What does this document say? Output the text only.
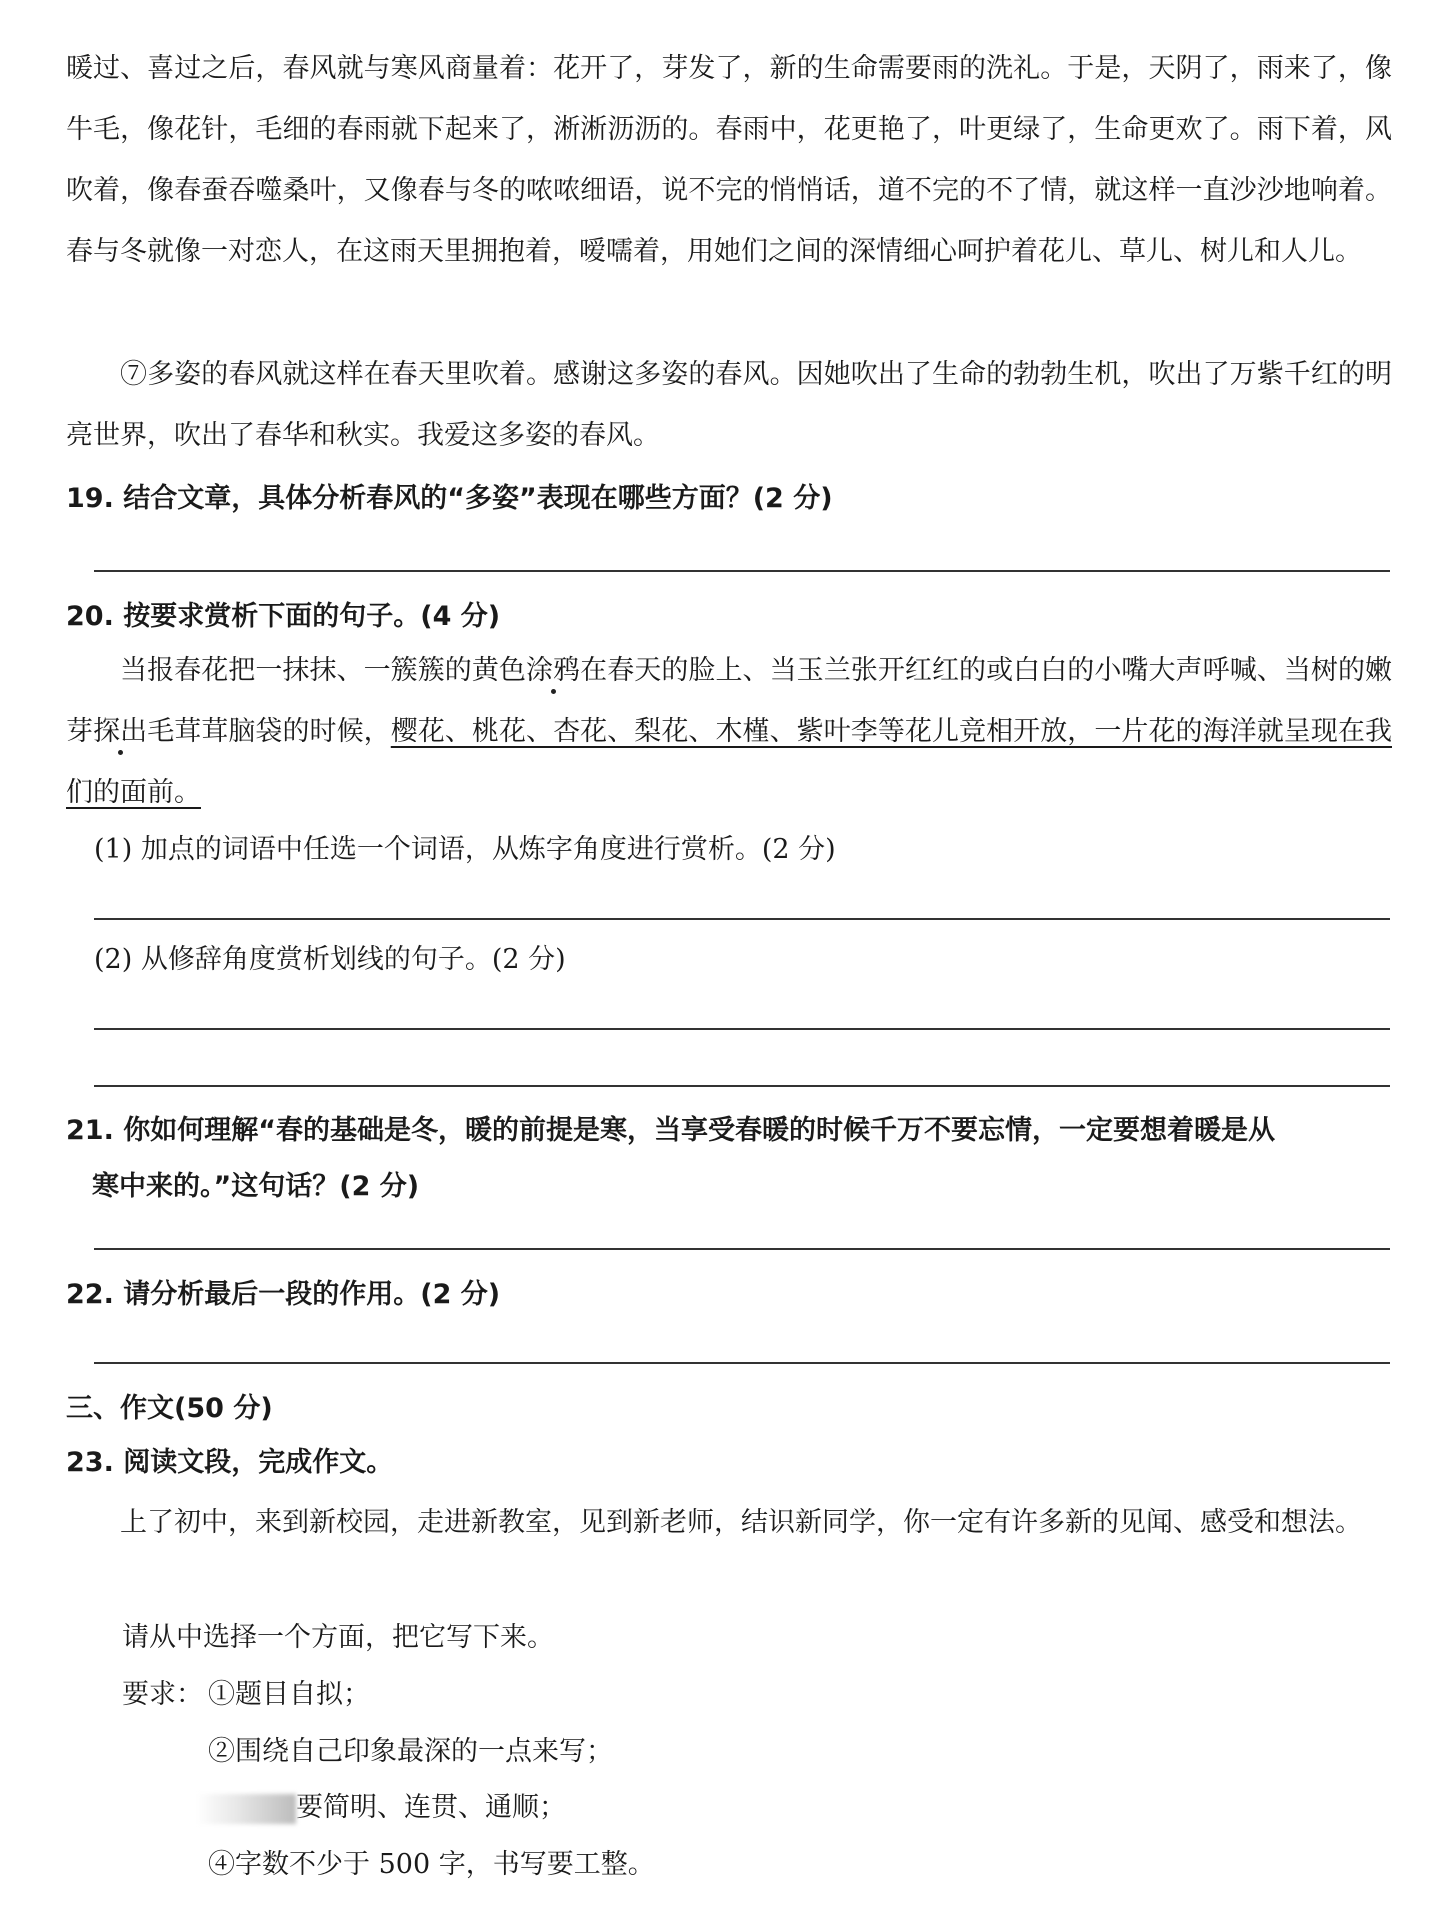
暖过、喜过之后，春风就与寒风商量着：花开了，芽发了，新的生命需要雨的洗礼。于是，天阴了，雨来了，像牛毛，像花针，毛细的春雨就下起来了，淅淅沥沥的。春雨中，花更艳了，叶更绿了，生命更欢了。雨下着，风吹着，像春蚕吞噬桑叶，又像春与冬的哝哝细语，说不完的悄悄话，道不完的不了情，就这样一直沙沙地响着。春与冬就像一对恋人，在这雨天里拥抱着，嗳嚅着，用她们之间的深情细心呵护着花儿、草儿、树儿和人儿。

⑦多姿的春风就这样在春天里吹着。感谢这多姿的春风。因她吹出了生命的勃勃生机，吹出了万紫千红的明亮世界，吹出了春华和秋实。我爱这多姿的春风。

19. 结合文章，具体分析春风的“多姿”表现在哪些方面？(2 分)
20. 按要求赏析下面的句子。(4 分)

当报春花把一抹抹、一簇簇的黄色涂鸦在春天的脸上、当玉兰张开红红的或白白的小嘴大声呼喊、当树的嫩芽探出毛茸茸脑袋的时候，樱花、桃花、杏花、梨花、木槿、紫叶李等花儿竞相开放，一片花的海洋就呈现在我们的面前。

(1) 加点的词语中任选一个词语，从炼字角度进行赏析。(2 分)
(2) 从修辞角度赏析划线的句子。(2 分)
21. 你如何理解“春的基础是冬，暖的前提是寒，当享受春暖的时候千万不要忘情，一定要想着暖是从
寒中来的。”这句话？(2 分)
22. 请分析最后一段的作用。(2 分)
三、作文(50 分)
23. 阅读文段，完成作文。

上了初中，来到新校园，走进新教室，见到新老师，结识新同学，你一定有许多新的见闻、感受和想法。

请从中选择一个方面，把它写下来。
要求： ①题目自拟；
②围绕自己印象最深的一点来写；
要简明、连贯、通顺；
④字数不少于 500 字，书写要工整。
